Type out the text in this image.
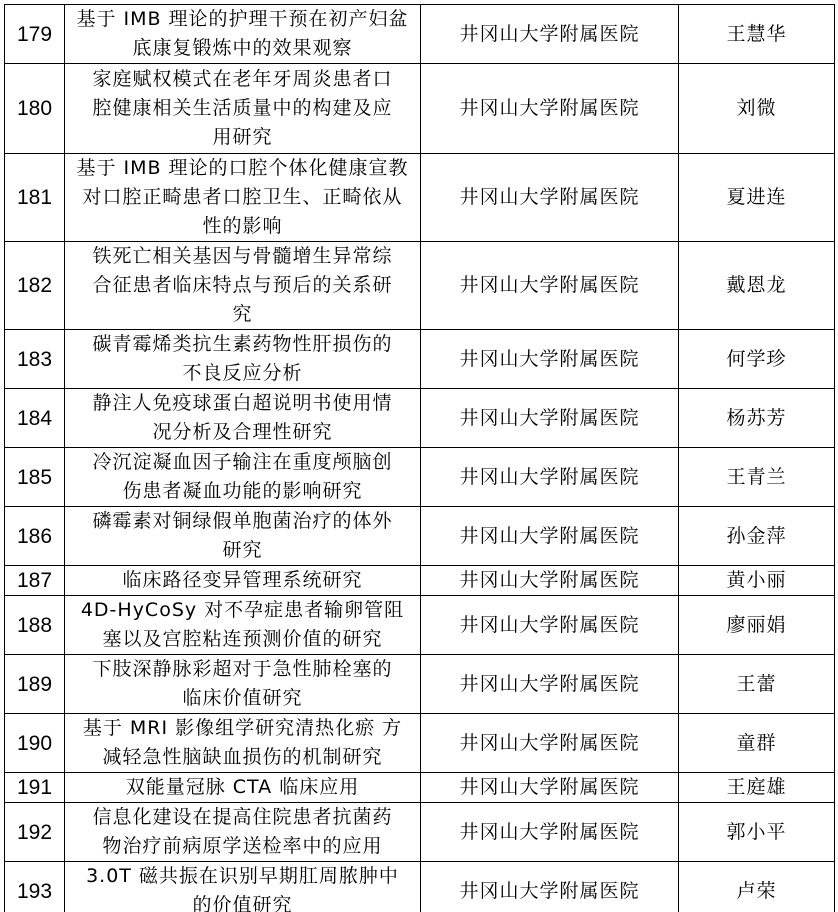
179	基于 IMB 理论的护理干预在初产妇盆
底康复锻炼中的效果观察	井冈山大学附属医院	王慧华
180	家庭赋权模式在老年牙周炎患者口
腔健康相关生活质量中的构建及应
用研究	井冈山大学附属医院	刘微
181	基于 IMB 理论的口腔个体化健康宣教
对口腔正畸患者口腔卫生、正畸依从
性的影响	井冈山大学附属医院	夏进连
182	铁死亡相关基因与骨髓增生异常综
合征患者临床特点与预后的关系研
究	井冈山大学附属医院	戴恩龙
183	碳青霉烯类抗生素药物性肝损伤的
不良反应分析	井冈山大学附属医院	何学珍
184	静注人免疫球蛋白超说明书使用情
况分析及合理性研究	井冈山大学附属医院	杨苏芳
185	冷沉淀凝血因子输注在重度颅脑创
伤患者凝血功能的影响研究	井冈山大学附属医院	王青兰
186	磷霉素对铜绿假单胞菌治疗的体外
研究	井冈山大学附属医院	孙金萍
187	临床路径变异管理系统研究	井冈山大学附属医院	黄小丽
188	4D-HyCoSy 对不孕症患者输卵管阻
塞以及宫腔粘连预测价值的研究	井冈山大学附属医院	廖丽娟
189	下肢深静脉彩超对于急性肺栓塞的
临床价值研究	井冈山大学附属医院	王蕾
190	基于 MRI 影像组学研究清热化瘀 方
减轻急性脑缺血损伤的机制研究	井冈山大学附属医院	童群
191	双能量冠脉 CTA 临床应用	井冈山大学附属医院	王庭雄
192	信息化建设在提高住院患者抗菌药
物治疗前病原学送检率中的应用	井冈山大学附属医院	郭小平
193	3.0T 磁共振在识别早期肛周脓肿中
的价值研究	井冈山大学附属医院	卢荣
